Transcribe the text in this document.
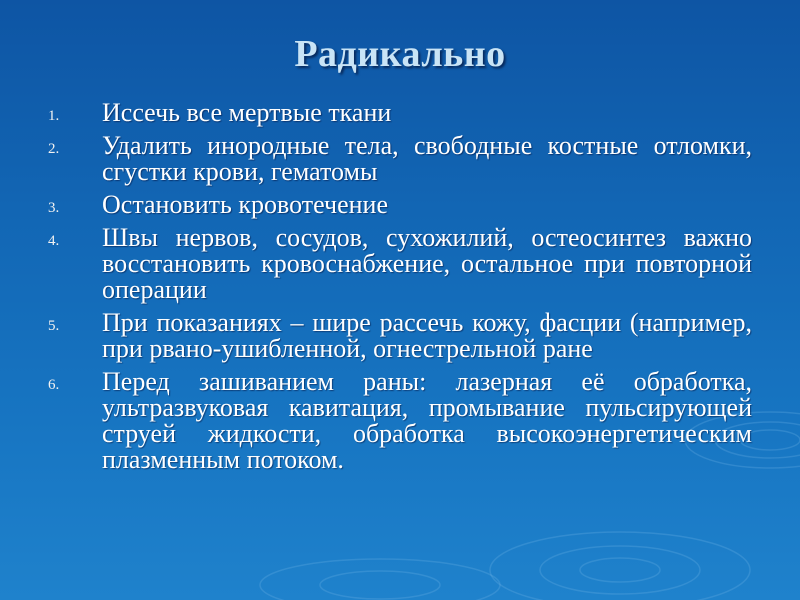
Радикально
1. Иссечь все мертвые ткани
2. Удалить инородные тела, свободные костные отломки, сгустки крови, гематомы
3. Остановить кровотечение
4. Швы нервов, сосудов, сухожилий, остеосинтез важно восстановить кровоснабжение, остальное при повторной операции
5. При показаниях – шире рассечь кожу, фасции (например, при рвано-ушибленной, огнестрельной ране
6. Перед зашиванием раны: лазерная её обработка, ультразвуковая кавитация, промывание пульсирующей струей жидкости, обработка высокоэнергетическим плазменным потоком.
